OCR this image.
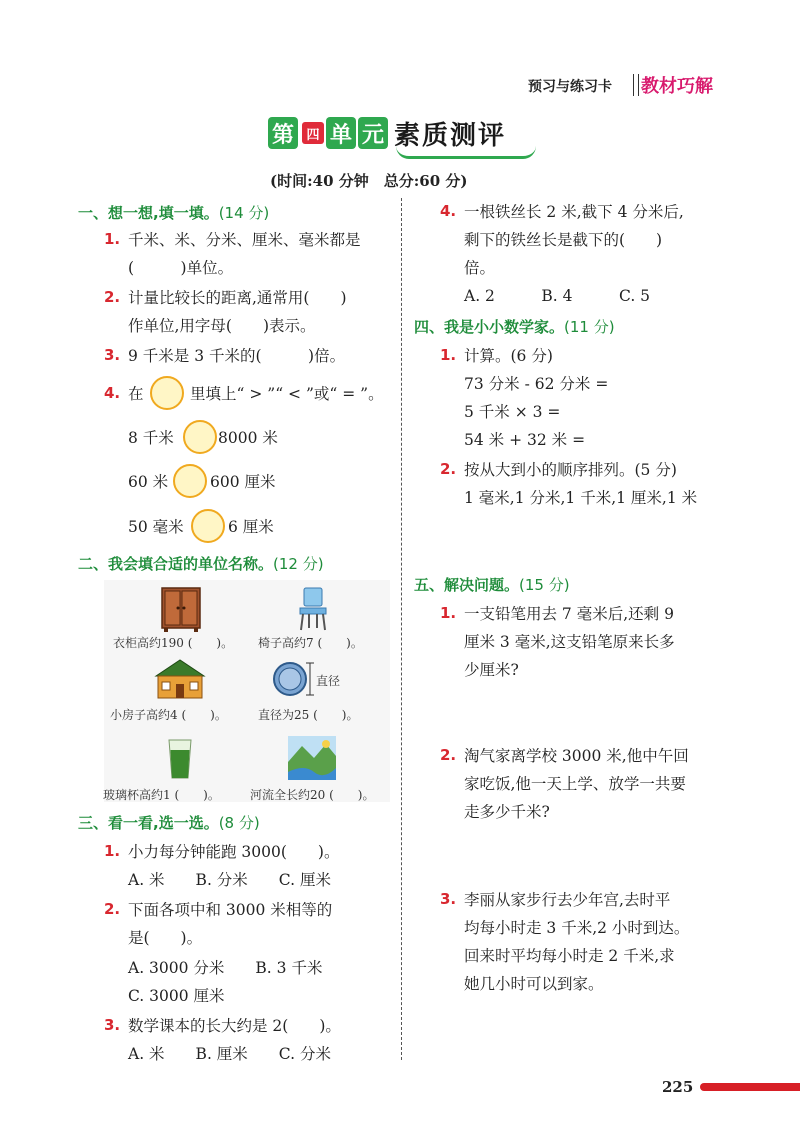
预习与练习卡 教材巧解
第 四 单 元 素质测评
(时间:40 分钟　总分:60 分)
一、想一想,填一填。(14 分)
1. 千米、米、分米、厘米、毫米都是
(　　　)单位。
2. 计量比较长的距离,通常用(　　)
作单位,用字母(　　)表示。
3. 9 千米是 3 千米的(　　　)倍。
4. 在	里填上“ > ”“ < ”或“ = ”。
8 千米	8000 米
60 米	600 厘米
50 毫米	6 厘米
二、我会填合适的单位名称。(12 分)
衣柜高约190 (　　)。 椅子高约7 (　　)。
小房子高约4 (　　)。
直径
直径为25 (　　)。
玻璃杯高约1 (　　)。	河流全长约20 (　　)。
三、看一看,选一选。(8 分)
1. 小力每分钟能跑 3000(　　)。
A. 米　　B. 分米　　C. 厘米
2. 下面各项中和 3000 米相等的
是(　　)。
A. 3000 分米　　B. 3 千米
C. 3000 厘米
3. 数学课本的长大约是 2(　　)。
A. 米　　B. 厘米　　C. 分米
4. 一根铁丝长 2 米,截下 4 分米后,
剩下的铁丝长是截下的(　　)
倍。
A. 2　　　B. 4　　　C. 5
四、我是小小数学家。(11 分)
1. 计算。(6 分)
73 分米 - 62 分米 =
5 千米 × 3 =
54 米 + 32 米 =
2. 按从大到小的顺序排列。(5 分)
1 毫米,1 分米,1 千米,1 厘米,1 米
五、解决问题。(15 分)
1. 一支铅笔用去 7 毫米后,还剩 9
厘米 3 毫米,这支铅笔原来长多
少厘米?
2. 淘气家离学校 3000 米,他中午回
家吃饭,他一天上学、放学一共要
走多少千米?
3. 李丽从家步行去少年宫,去时平
均每小时走 3 千米,2 小时到达。
回来时平均每小时走 2 千米,求
她几小时可以到家。
225
